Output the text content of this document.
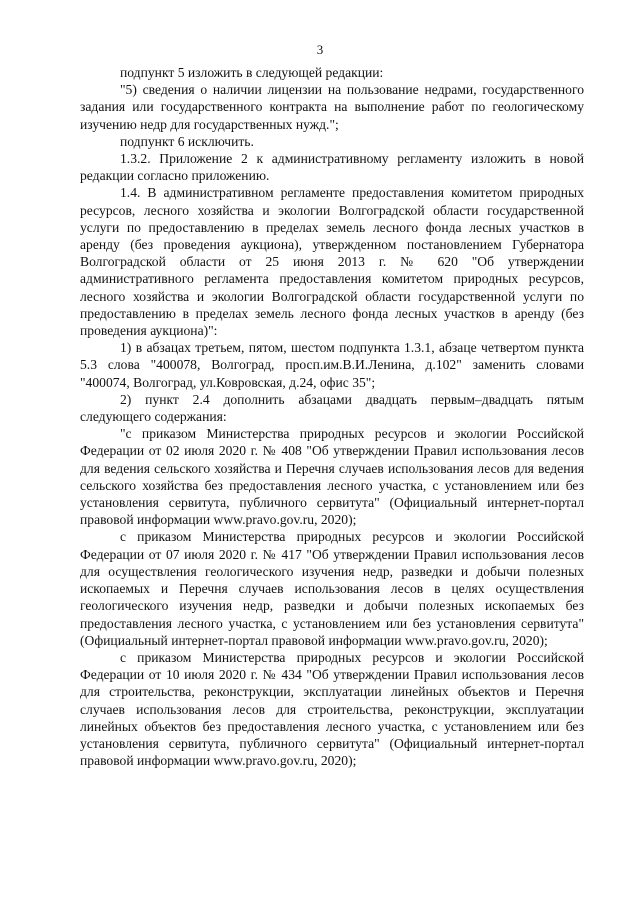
3

подпункт 5 изложить в следующей редакции:

"5) сведения о наличии лицензии на пользование недрами, государственного задания или государственного контракта на выполнение работ по геологическому изучению недр для государственных нужд.";

подпункт 6 исключить.

1.3.2. Приложение 2 к административному регламенту изложить в новой редакции согласно приложению.

1.4. В административном регламенте предоставления комитетом природных ресурсов, лесного хозяйства и экологии Волгоградской области государственной услуги по предоставлению в пределах земель лесного фонда лесных участков в аренду (без проведения аукциона), утвержденном постановлением Губернатора Волгоградской области от 25 июня 2013 г. № 620 "Об утверждении административного регламента предоставления комитетом природных ресурсов, лесного хозяйства и экологии Волгоградской области государственной услуги по предоставлению в пределах земель лесного фонда лесных участков в аренду (без проведения аукциона)":

1) в абзацах третьем, пятом, шестом подпункта 1.3.1, абзаце четвертом пункта 5.3 слова "400078, Волгоград, просп.им.В.И.Ленина, д.102" заменить словами "400074, Волгоград, ул.Ковровская, д.24, офис 35";

2) пункт 2.4 дополнить абзацами двадцать первым–двадцать пятым следующего содержания:

"с приказом Министерства природных ресурсов и экологии Российской Федерации от 02 июля 2020 г. № 408 "Об утверждении Правил использования лесов для ведения сельского хозяйства и Перечня случаев использования лесов для ведения сельского хозяйства без предоставления лесного участка, с установлением или без установления сервитута, публичного сервитута" (Официальный интернет-портал правовой информации www.pravo.gov.ru, 2020);

с приказом Министерства природных ресурсов и экологии Российской Федерации от 07 июля 2020 г. № 417 "Об утверждении Правил использования лесов для осуществления геологического изучения недр, разведки и добычи полезных ископаемых и Перечня случаев использования лесов в целях осуществления геологического изучения недр, разведки и добычи полезных ископаемых без предоставления лесного участка, с установлением или без установления сервитута" (Официальный интернет-портал правовой информации www.pravo.gov.ru, 2020);

с приказом Министерства природных ресурсов и экологии Российской Федерации от 10 июля 2020 г. № 434 "Об утверждении Правил использования лесов для строительства, реконструкции, эксплуатации линейных объектов и Перечня случаев использования лесов для строительства, реконструкции, эксплуатации линейных объектов без предоставления лесного участка, с установлением или без установления сервитута, публичного сервитута" (Официальный интернет-портал правовой информации www.pravo.gov.ru, 2020);
